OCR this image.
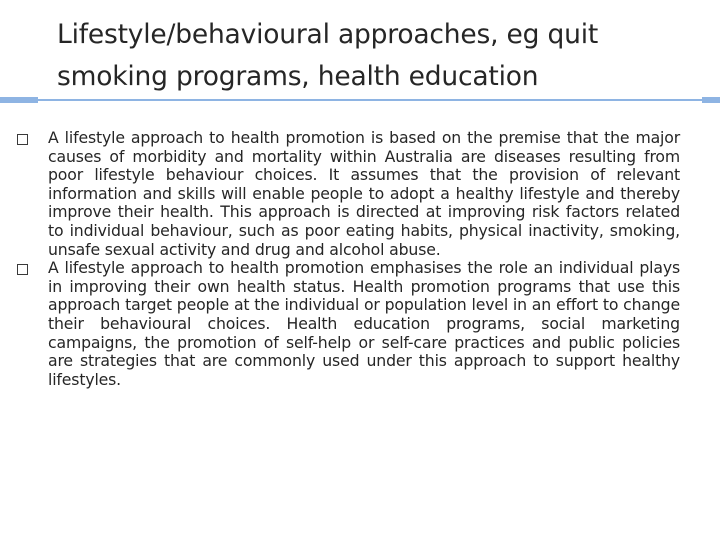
Lifestyle/behavioural approaches, eg quit smoking programs, health education
A lifestyle approach to health promotion is based on the premise that the major causes of morbidity and mortality within Australia are diseases resulting from poor lifestyle behaviour choices. It assumes that the provision of relevant information and skills will enable people to adopt a healthy lifestyle and thereby improve their health. This approach is directed at improving risk factors related to individual behaviour, such as poor eating habits, physical inactivity, smoking, unsafe sexual activity and drug and alcohol abuse.
A lifestyle approach to health promotion emphasises the role an individual plays in improving their own health status. Health promotion programs that use this approach target people at the individual or population level in an effort to change their behavioural choices. Health education programs, social marketing campaigns, the promotion of self-help or self-care practices and public policies are strategies that are commonly used under this approach to support healthy lifestyles.
